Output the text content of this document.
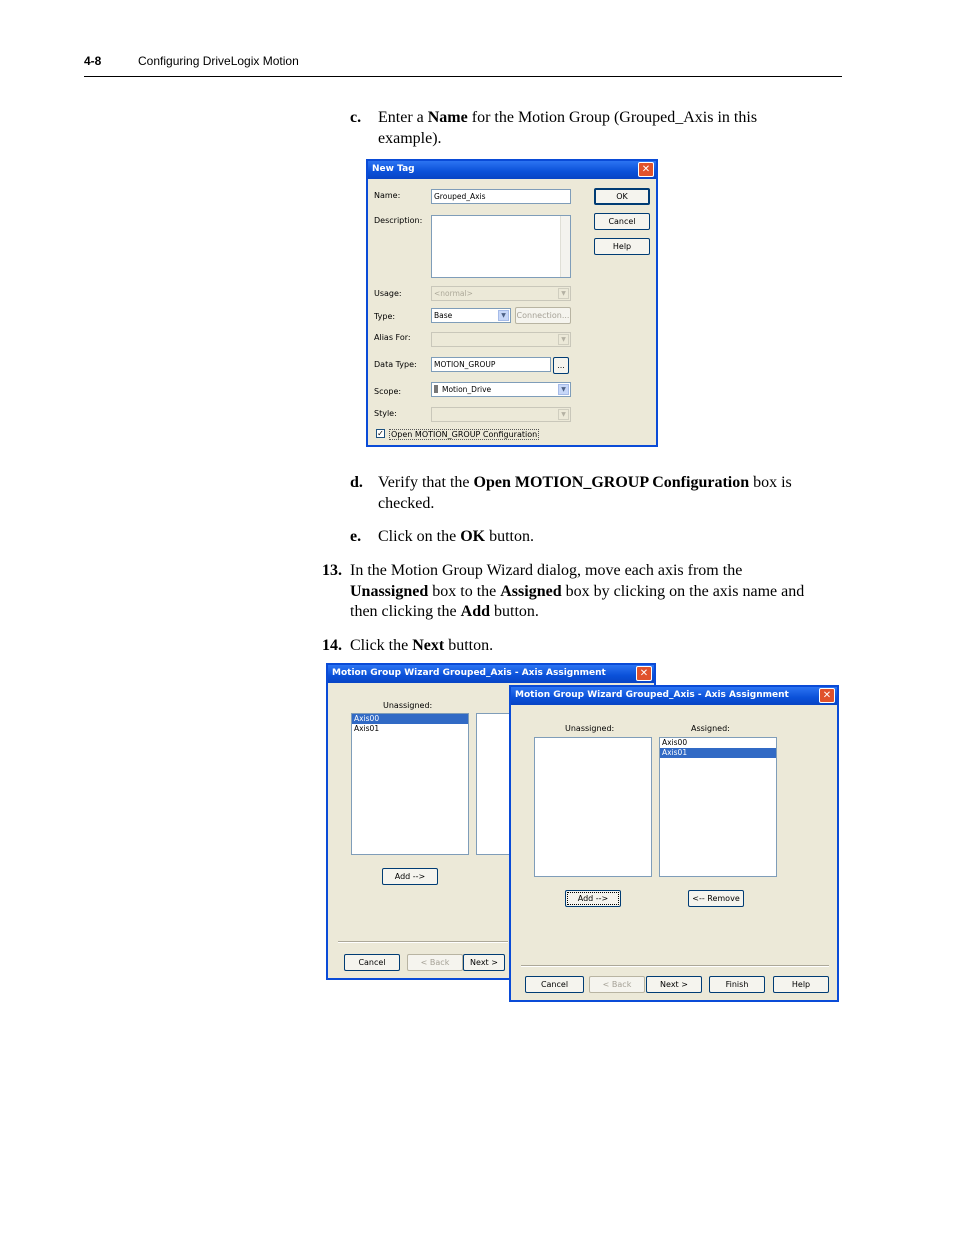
4-8	Configuring DriveLogix Motion
c. Enter a Name for the Motion Group (Grouped_Axis in this
example).
New Tag	✕
Name:	Grouped_Axis
Description:
Usage:	<normal>	▼
Type:	Base	▼	Connection...
Alias For:	▼
Data Type:	MOTION_GROUP	...
Scope:	Motion_Drive	▼
Style:	▼
✓ Open MOTION_GROUP Configuration
OK
Cancel
Help
d. Verify that the Open MOTION_GROUP Configuration box is
checked.
e. Click on the OK button.
13. In the Motion Group Wizard dialog, move each axis from the
Unassigned box to the Assigned box by clicking on the axis name and
then clicking the Add button.
14. Click the Next button.
Motion Group Wizard Grouped_Axis - Axis Assignment	✕
Unassigned:
Axis00
Axis01
Add -->
Cancel	< Back	Next >
Motion Group Wizard Grouped_Axis - Axis Assignment	✕
Unassigned:	Assigned:
Axis00
Axis01
Add -->	<-- Remove
Cancel	< Back	Next >	Finish	Help
